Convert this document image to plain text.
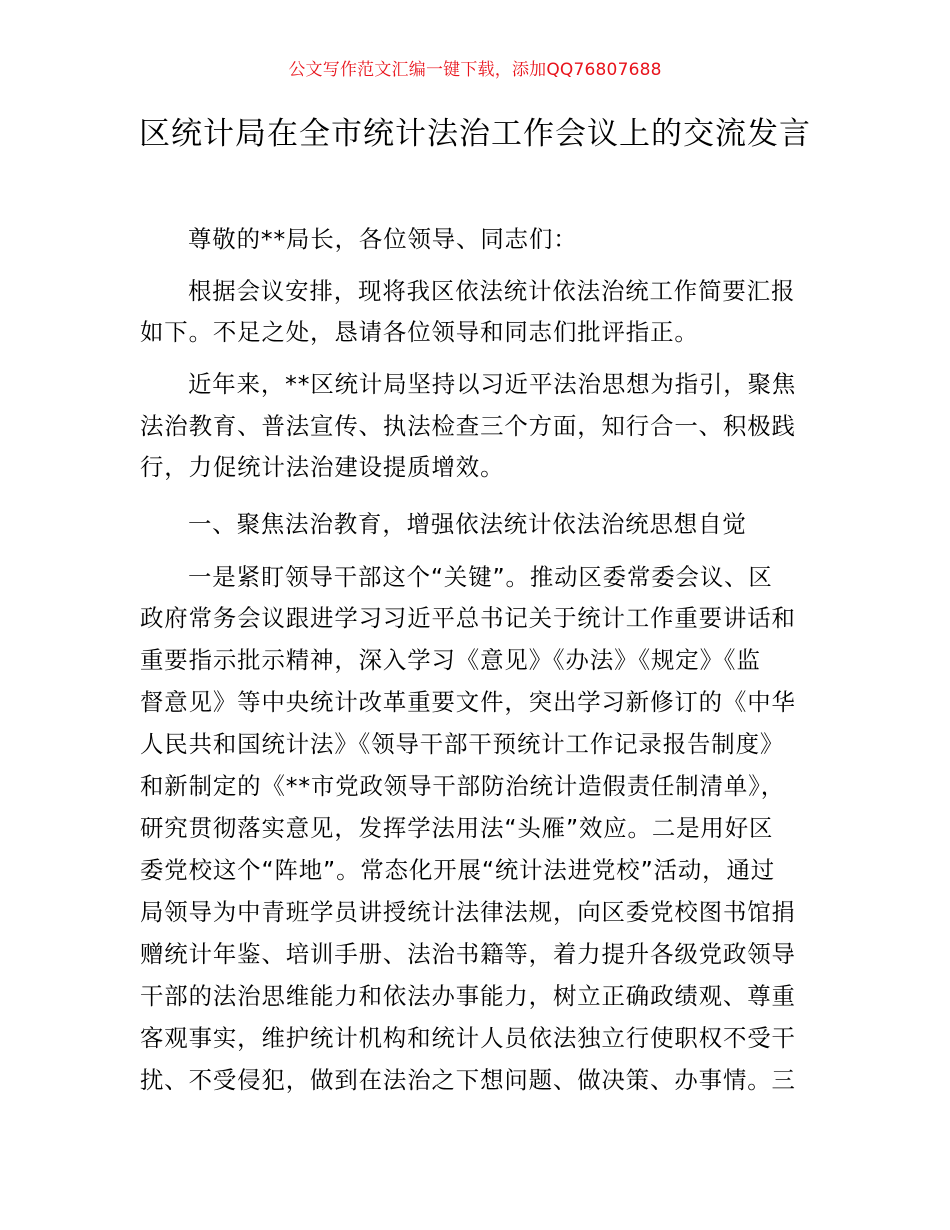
公文写作范文汇编一键下载，添加QQ76807688
区统计局在全市统计法治工作会议上的交流发言
尊敬的**局长，各位领导、同志们：
根据会议安排，现将我区依法统计依法治统工作简要汇报
如下。不足之处，恳请各位领导和同志们批评指正。
近年来，**区统计局坚持以习近平法治思想为指引，聚焦
法治教育、普法宣传、执法检查三个方面，知行合一、积极践
行，力促统计法治建设提质增效。
一、聚焦法治教育，增强依法统计依法治统思想自觉
一是紧盯领导干部这个“关键”。推动区委常委会议、区
政府常务会议跟进学习习近平总书记关于统计工作重要讲话和
重要指示批示精神，深入学习《意见》《办法》《规定》《监
督意见》等中央统计改革重要文件，突出学习新修订的《中华
人民共和国统计法》《领导干部干预统计工作记录报告制度》
和新制定的《**市党政领导干部防治统计造假责任制清单》，
研究贯彻落实意见，发挥学法用法“头雁”效应。二是用好区
委党校这个“阵地”。常态化开展“统计法进党校”活动，通过
局领导为中青班学员讲授统计法律法规，向区委党校图书馆捐
赠统计年鉴、培训手册、法治书籍等，着力提升各级党政领导
干部的法治思维能力和依法办事能力，树立正确政绩观、尊重
客观事实，维护统计机构和统计人员依法独立行使职权不受干
扰、不受侵犯，做到在法治之下想问题、做决策、办事情。三
